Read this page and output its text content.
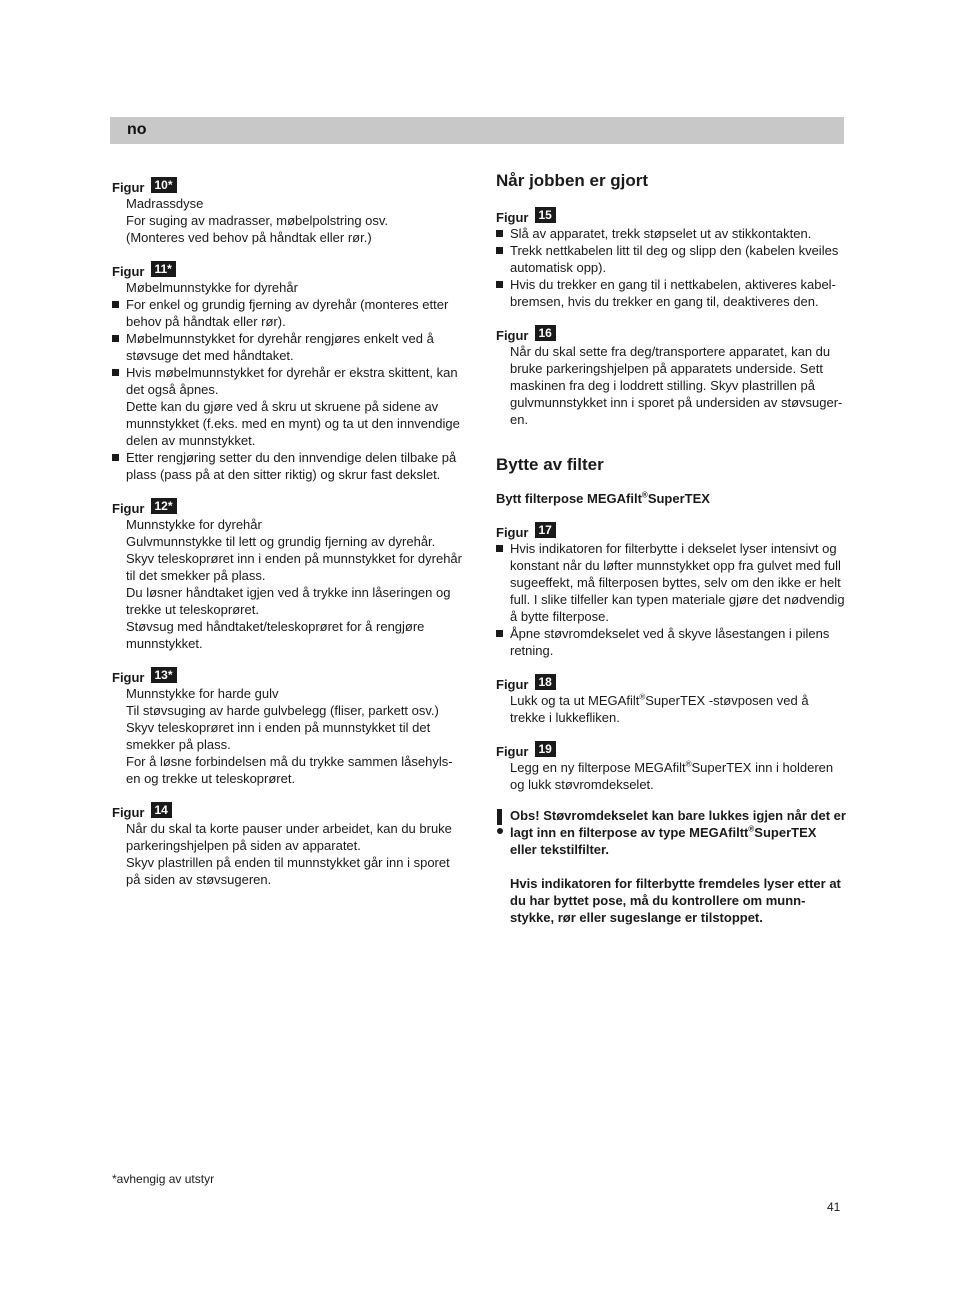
no
Figur 10*

Madrassdyse

For suging av madrasser, møbelpolstring osv.

(Monteres ved behov på håndtak eller rør.)

Figur 11*

Møbelmunnstykke for dyrehår

For enkel og grundig fjerning av dyrehår (monteres etter behov på håndtak eller rør).
Møbelmunnstykket for dyrehår rengjøres enkelt ved å støvsuge det med håndtaket.
Hvis møbelmunnstykket for dyrehår er ekstra skittent, kan det også åpnes.
Dette kan du gjøre ved å skru ut skruene på sidene av munnstykket (f.eks. med en mynt) og ta ut den innvendige delen av munnstykket.
Etter rengjøring setter du den innvendige delen tilbake på plass (pass på at den sitter riktig) og skrur fast dekslet.
Figur 12*

Munnstykke for dyrehår

Gulvmunnstykke til lett og grundig fjerning av dyrehår.

Skyv teleskoprøret inn i enden på munnstykket for dyrehår til det smekker på plass.

Du løsner håndtaket igjen ved å trykke inn låseringen og trekke ut teleskoprøret.

Støvsug med håndtaket/teleskoprøret for å rengjøre munnstykket.

Figur 13*

Munnstykke for harde gulv

Til støvsuging av harde gulvbelegg (fliser, parkett osv.)

Skyv teleskoprøret inn i enden på munnstykket til det smekker på plass.

For å løsne forbindelsen må du trykke sammen låsehyls-en og trekke ut teleskoprøret.

Figur 14

Når du skal ta korte pauser under arbeidet, kan du bruke parkeringshjelpen på siden av apparatet.

Skyv plastrillen på enden til munnstykket går inn i sporet på siden av støvsugeren.

Når jobben er gjort
Figur 15
Slå av apparatet, trekk støpselet ut av stikkontakten.
Trekk nettkabelen litt til deg og slipp den (kabelen kveiles automatisk opp).
Hvis du trekker en gang til i nettkabelen, aktiveres kabel-bremsen, hvis du trekker en gang til, deaktiveres den.
Figur 16

Når du skal sette fra deg/transportere apparatet, kan du bruke parkeringshjelpen på apparatets underside. Sett maskinen fra deg i loddrett stilling. Skyv plastrillen på gulvmunnstykket inn i sporet på undersiden av støvsuger-en.

Bytte av filter
Bytt filterpose MEGAfilt®SuperTEX
Figur 17
Hvis indikatoren for filterbytte i dekselet lyser intensivt og konstant når du løfter munnstykket opp fra gulvet med full sugeeffekt, må filterposen byttes, selv om den ikke er helt full. I slike tilfeller kan typen materiale gjøre det nødvendig å bytte filterpose.
Åpne støvromdekselet ved å skyve låsestangen i pilens retning.
Figur 18

Lukk og ta ut MEGAfilt®SuperTEX -støvposen ved å trekke i lukkefliken.

Figur 19

Legg en ny filterpose MEGAfilt®SuperTEX inn i holderen og lukk støvromdekselet.

Obs! Støvromdekselet kan bare lukkes igjen når det er lagt inn en filterpose av type MEGAfiltt®SuperTEX eller tekstilfilter.

Hvis indikatoren for filterbytte fremdeles lyser etter at du har byttet pose, må du kontrollere om munn-stykke, rør eller sugeslange er tilstoppet.

*avhengig av utstyr
41
